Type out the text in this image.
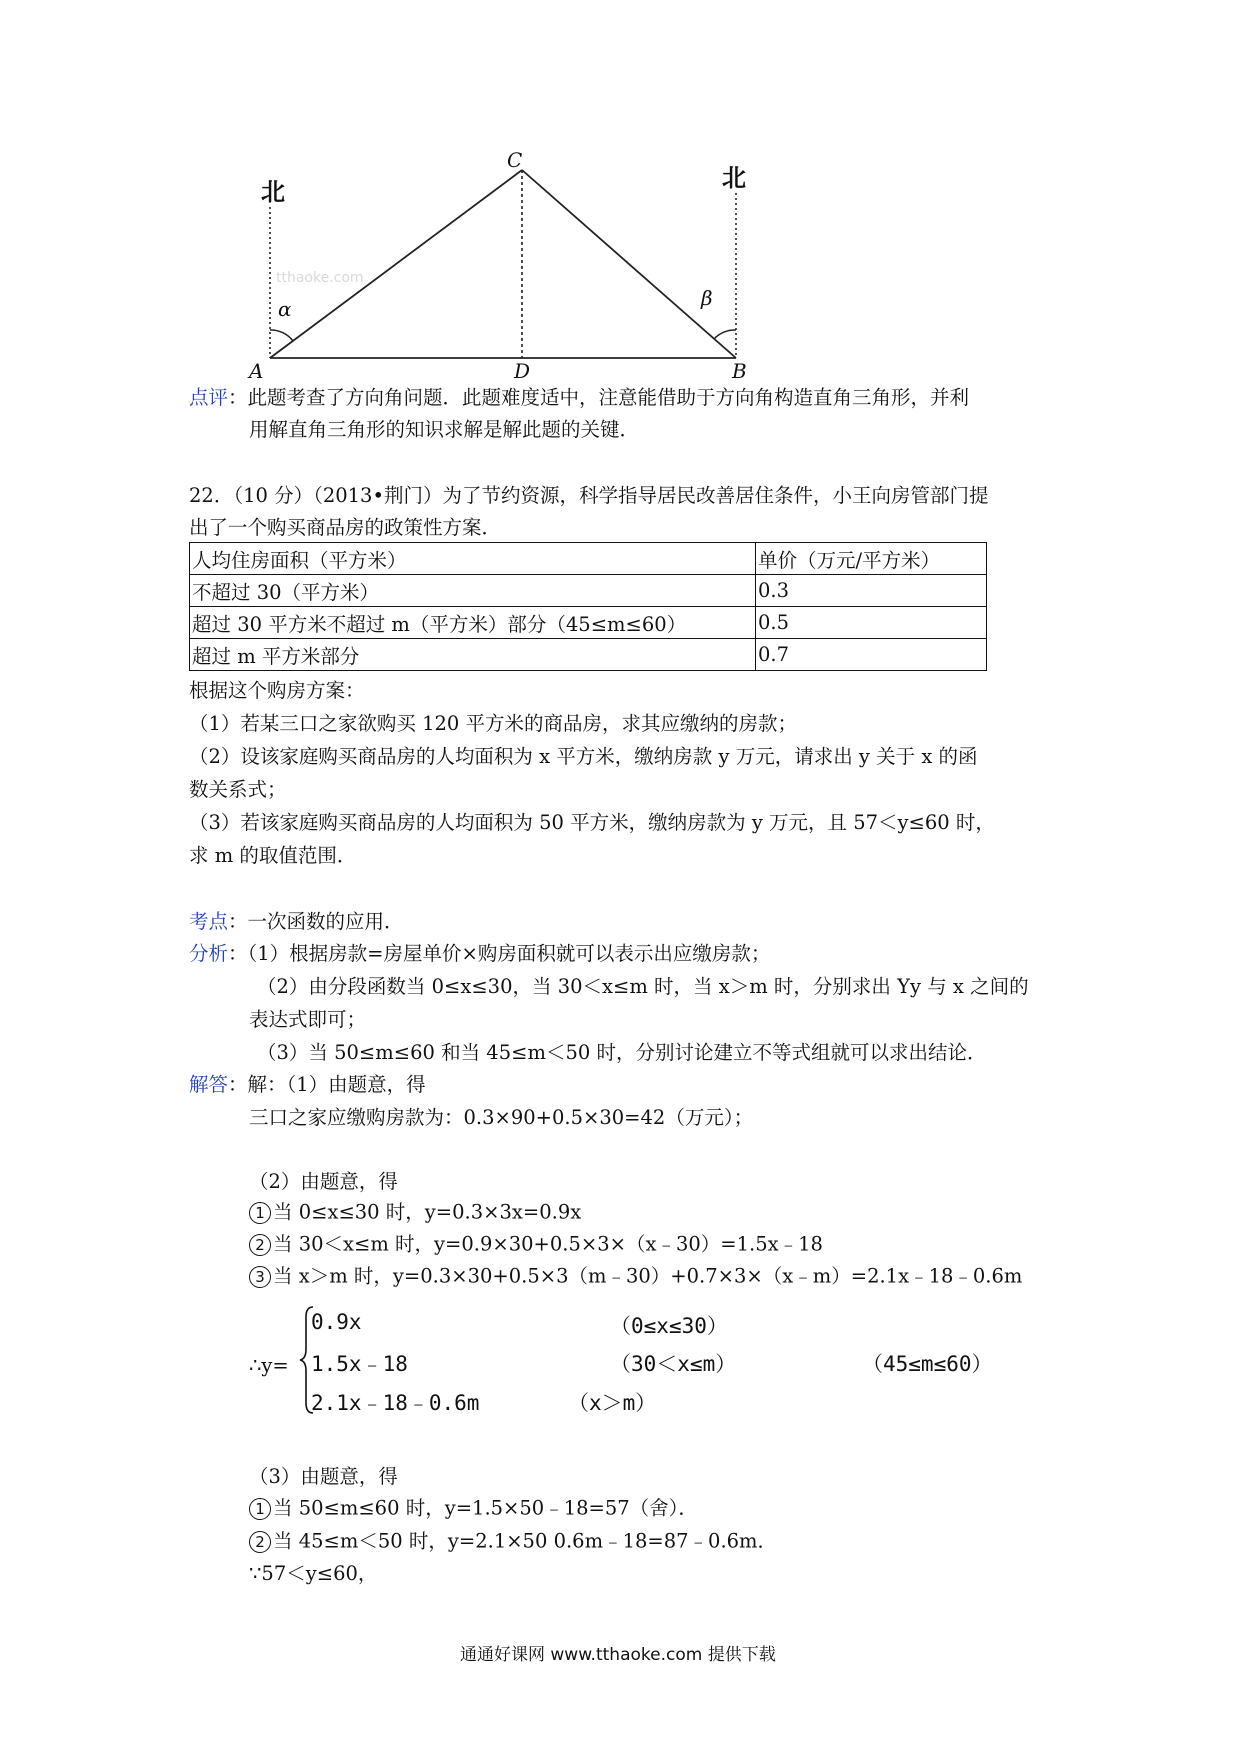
tthaoke.com
北	北
C
A	D	B
α	β
点评：此题考查了方向角问题．此题难度适中，注意能借助于方向角构造直角三角形，并利
用解直角三角形的知识求解是解此题的关键．
22．（10 分）（2013•荆门）为了节约资源，科学指导居民改善居住条件，小王向房管部门提
出了一个购买商品房的政策性方案．
人均住房面积（平方米）	单价（万元/平方米）
不超过 30（平方米）	0.3
超过 30 平方米不超过 m（平方米）部分（45≤m≤60）	0.5
超过 m 平方米部分	0.7
根据这个购房方案：
（1）若某三口之家欲购买 120 平方米的商品房，求其应缴纳的房款；
（2）设该家庭购买商品房的人均面积为 x 平方米，缴纳房款 y 万元，请求出 y 关于 x 的函
数关系式；
（3）若该家庭购买商品房的人均面积为 50 平方米，缴纳房款为 y 万元，且 57＜y≤60 时，
求 m 的取值范围．
考点：一次函数的应用．
分析：（1）根据房款=房屋单价×购房面积就可以表示出应缴房款；
（2）由分段函数当 0≤x≤30，当 30＜x≤m 时，当 x＞m 时，分别求出 Yy 与 x 之间的
表达式即可；
（3）当 50≤m≤60 和当 45≤m＜50 时，分别讨论建立不等式组就可以求出结论．
解答：解：（1）由题意，得
三口之家应缴购房款为：0.3×90+0.5×30=42（万元）；
（2）由题意，得
1 当 0≤x≤30 时，y=0.3×3x=0.9x
2 当 30＜x≤m 时，y=0.9×30+0.5×3×（x﹣30）=1.5x﹣18
3 当 x＞m 时，y=0.3×30+0.5×3（m﹣30）+0.7×3×（x﹣m）=2.1x﹣18﹣0.6m
∴y=
0.9x	（0≤x≤30）
1.5x﹣18	（30＜x≤m）	（45≤m≤60）
2.1x﹣18﹣0.6m	（x＞m）
（3）由题意，得
1 当 50≤m≤60 时，y=1.5×50﹣18=57（舍）．
2 当 45≤m＜50 时，y=2.1×50 0.6m﹣18=87﹣0.6m．
∵57＜y≤60，
通通好课网 www.tthaoke.com 提供下载
